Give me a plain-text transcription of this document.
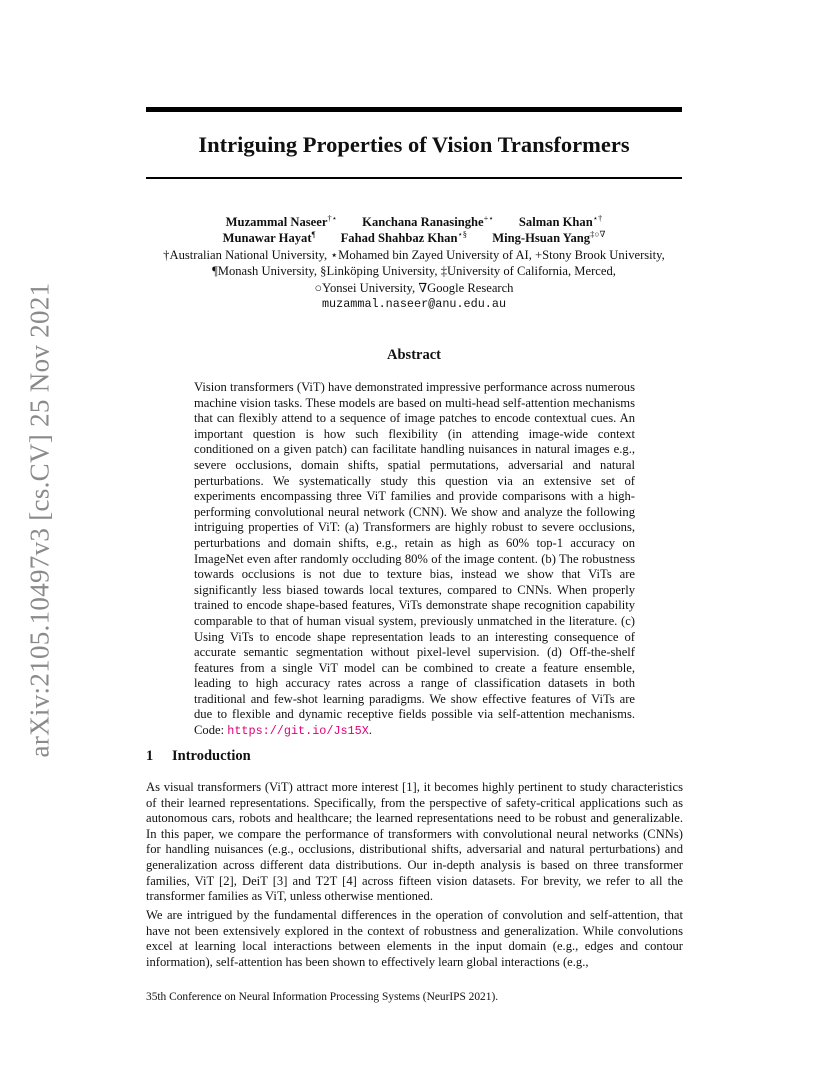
arXiv:2105.10497v3 [cs.CV] 25 Nov 2021
Intriguing Properties of Vision Transformers
Muzammal Naseer†⋆ Kanchana Ranasinghe+⋆ Salman Khan⋆†
Munawar Hayat¶ Fahad Shahbaz Khan⋆§ Ming-Hsuan Yang‡○∇
†Australian National University, ⋆Mohamed bin Zayed University of AI, +Stony Brook University,
¶Monash University, §Linköping University, ‡University of California, Merced,
○Yonsei University, ∇Google Research
muzammal.naseer@anu.edu.au
Abstract
Vision transformers (ViT) have demonstrated impressive performance across numerous machine vision tasks. These models are based on multi-head self-attention mechanisms that can flexibly attend to a sequence of image patches to encode contextual cues. An important question is how such flexibility (in attending image-wide context conditioned on a given patch) can facilitate handling nuisances in natural images e.g., severe occlusions, domain shifts, spatial permutations, adversarial and natural perturbations. We systematically study this question via an extensive set of experiments encompassing three ViT families and provide comparisons with a high-performing convolutional neural network (CNN). We show and analyze the following intriguing properties of ViT: (a) Transformers are highly robust to severe occlusions, perturbations and domain shifts, e.g., retain as high as 60% top-1 accuracy on ImageNet even after randomly occluding 80% of the image content. (b) The robustness towards occlusions is not due to texture bias, instead we show that ViTs are significantly less biased towards local textures, compared to CNNs. When properly trained to encode shape-based features, ViTs demonstrate shape recognition capability comparable to that of human visual system, previously unmatched in the literature. (c) Using ViTs to encode shape representation leads to an interesting consequence of accurate semantic segmentation without pixel-level supervision. (d) Off-the-shelf features from a single ViT model can be combined to create a feature ensemble, leading to high accuracy rates across a range of classification datasets in both traditional and few-shot learning paradigms. We show effective features of ViTs are due to flexible and dynamic receptive fields possible via self-attention mechanisms. Code: https://git.io/Js15X.
1 Introduction
As visual transformers (ViT) attract more interest [1], it becomes highly pertinent to study characteristics of their learned representations. Specifically, from the perspective of safety-critical applications such as autonomous cars, robots and healthcare; the learned representations need to be robust and generalizable. In this paper, we compare the performance of transformers with convolutional neural networks (CNNs) for handling nuisances (e.g., occlusions, distributional shifts, adversarial and natural perturbations) and generalization across different data distributions. Our in-depth analysis is based on three transformer families, ViT [2], DeiT [3] and T2T [4] across fifteen vision datasets. For brevity, we refer to all the transformer families as ViT, unless otherwise mentioned.
We are intrigued by the fundamental differences in the operation of convolution and self-attention, that have not been extensively explored in the context of robustness and generalization. While convolutions excel at learning local interactions between elements in the input domain (e.g., edges and contour information), self-attention has been shown to effectively learn global interactions (e.g.,
35th Conference on Neural Information Processing Systems (NeurIPS 2021).
